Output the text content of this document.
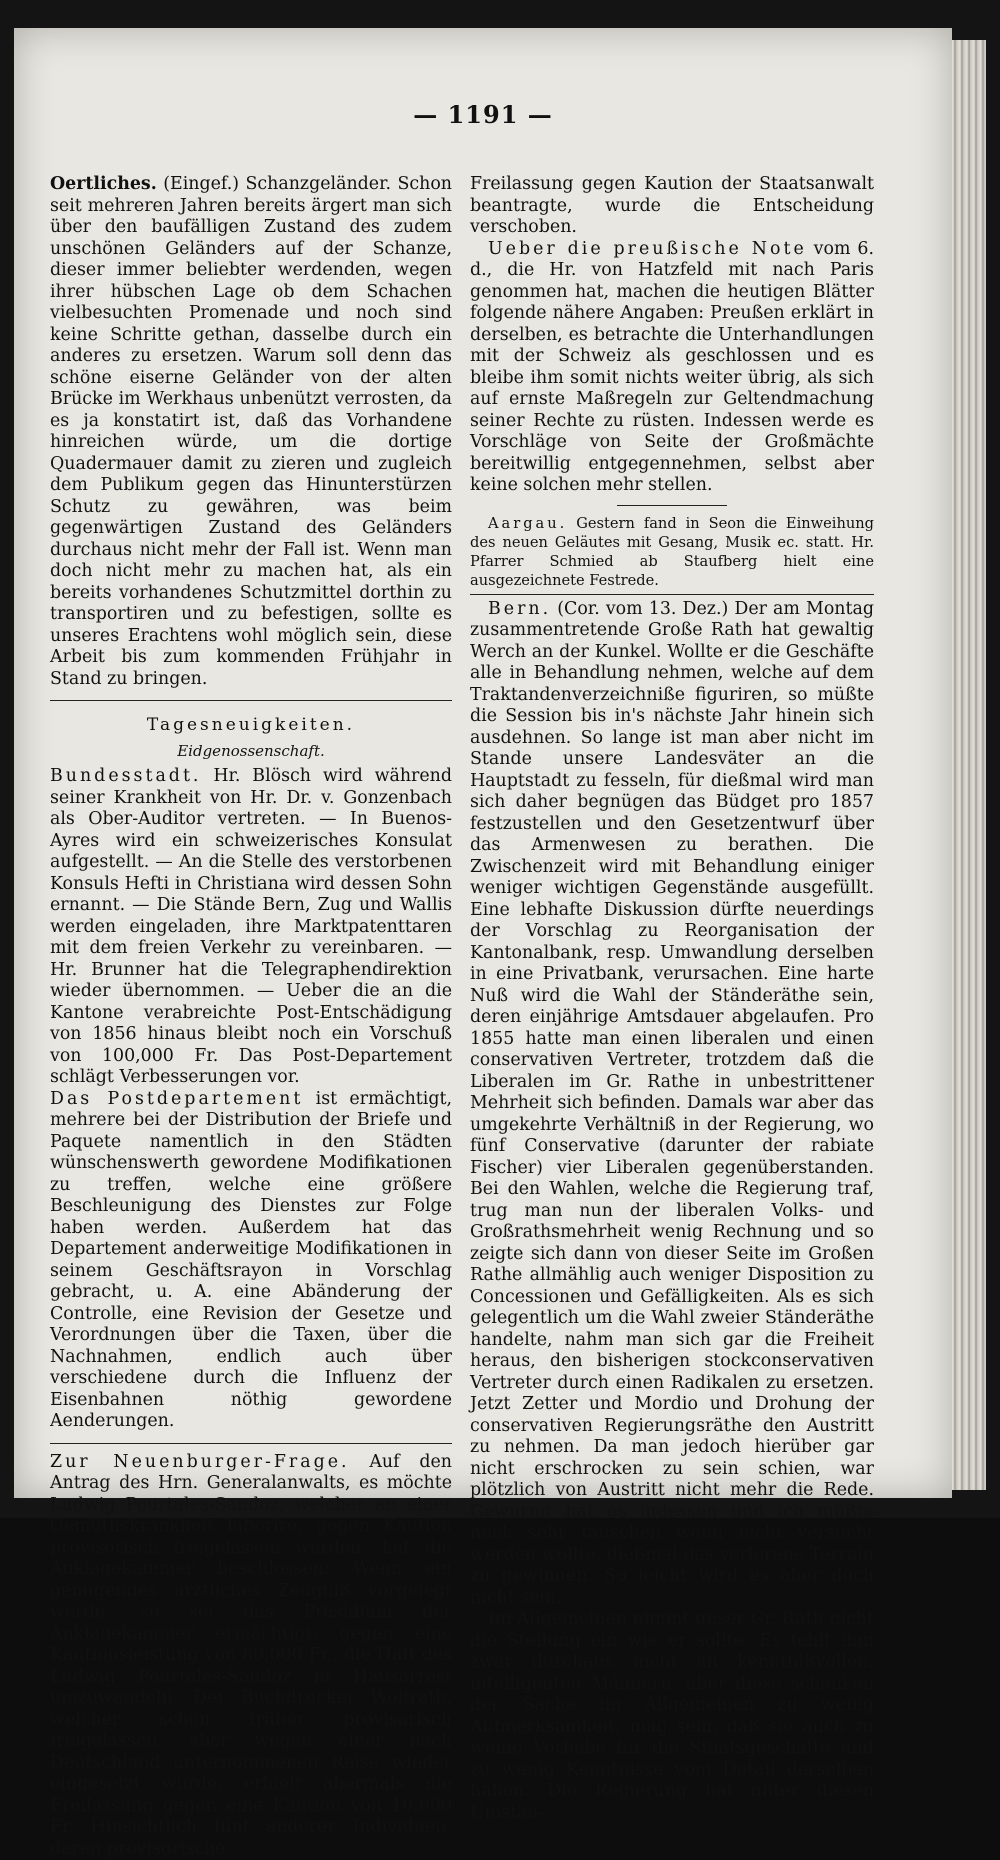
— 1191 —

Oertliches. (Eingef.) Schanzgeländer. Schon seit mehreren Jahren bereits ärgert man sich über den baufälligen Zustand des zudem unschönen Geländers auf der Schanze, dieser immer beliebter werdenden, wegen ihrer hübschen Lage ob dem Schachen vielbesuchten Promenade und noch sind keine Schritte gethan, dasselbe durch ein anderes zu ersetzen. Warum soll denn das schöne eiserne Geländer von der alten Brücke im Werkhaus unbenützt verrosten, da es ja konstatirt ist, daß das Vorhandene hinreichen würde, um die dortige Quadermauer damit zu zieren und zugleich dem Publikum gegen das Hinunterstürzen Schutz zu gewähren, was beim gegenwärtigen Zustand des Geländers durchaus nicht mehr der Fall ist. Wenn man doch nicht mehr zu machen hat, als ein bereits vorhandenes Schutzmittel dorthin zu transportiren und zu befestigen, sollte es unseres Erachtens wohl möglich sein, diese Arbeit bis zum kommenden Frühjahr in Stand zu bringen.

Tagesneuigkeiten.
Eidgenossenschaft.

Bundesstadt. Hr. Blösch wird während seiner Krankheit von Hr. Dr. v. Gonzenbach als Ober-Auditor vertreten. — In Buenos-Ayres wird ein schweizerisches Konsulat aufgestellt. — An die Stelle des verstorbenen Konsuls Hefti in Christiana wird dessen Sohn ernannt. — Die Stände Bern, Zug und Wallis werden eingeladen, ihre Marktpatenttaren mit dem freien Verkehr zu vereinbaren. — Hr. Brunner hat die Telegraphendirektion wieder übernommen. — Ueber die an die Kantone verabreichte Post-Entschädigung von 1856 hinaus bleibt noch ein Vorschuß von 100,000 Fr. Das Post-Departement schlägt Verbesserungen vor.

Das Postdepartement ist ermächtigt, mehrere bei der Distribution der Briefe und Paquete namentlich in den Städten wünschenswerth gewordene Modifikationen zu treffen, welche eine größere Beschleunigung des Dienstes zur Folge haben werden. Außerdem hat das Departement anderweitige Modifikationen in seinem Geschäftsrayon in Vorschlag gebracht, u. A. eine Abänderung der Controlle, eine Revision der Gesetze und Verordnungen über die Taxen, über die Nachnahmen, endlich auch über verschiedene durch die Influenz der Eisenbahnen nöthig gewordene Aenderungen.

Zur Neuenburger-Frage. Auf den Antrag des Hrn. Generalanwalts, es möchte Ludwig Pourtales-Sandoz, welcher an einer Gemüthskrankheit laborire, gegen Kaution provisorisch freigelassen werden, hat die Anklagekammer beschlossen: Wenn ein genügendes ärztliches Zeugniß vorgelegt werde, so sei das Präsidium der Anklagekammer ermächtigt, gegen eine Kautionsleistung von 80,000 Fr., die Haft des Ludwig Pourtales-Sandoz in Hausarrest umzuwandeln. Der Buchdrucker Wolfrath, welcher schon früher provisorisch freigelassen, aber wegen einer nach Deutschland unternommenen Reise wieder eingesetzt wurde, erhielt abermals die Freilassung gegen eine Kaution von 10,000 Fr. Hinsichtlich fünf anderer Individuen, deren provisorische

Freilassung gegen Kaution der Staatsanwalt beantragte, wurde die Entscheidung verschoben.

Ueber die preußische Note vom 6. d., die Hr. von Hatzfeld mit nach Paris genommen hat, machen die heutigen Blätter folgende nähere Angaben: Preußen erklärt in derselben, es betrachte die Unterhandlungen mit der Schweiz als geschlossen und es bleibe ihm somit nichts weiter übrig, als sich auf ernste Maßregeln zur Geltendmachung seiner Rechte zu rüsten. Indessen werde es Vorschläge von Seite der Großmächte bereitwillig entgegennehmen, selbst aber keine solchen mehr stellen.

Aargau. Gestern fand in Seon die Einweihung des neuen Geläutes mit Gesang, Musik ec. statt. Hr. Pfarrer Schmied ab Staufberg hielt eine ausgezeichnete Festrede.

Bern. (Cor. vom 13. Dez.) Der am Montag zusammentretende Große Rath hat gewaltig Werch an der Kunkel. Wollte er die Geschäfte alle in Behandlung nehmen, welche auf dem Traktandenverzeichniße figuriren, so müßte die Session bis in's nächste Jahr hinein sich ausdehnen. So lange ist man aber nicht im Stande unsere Landesväter an die Hauptstadt zu fesseln, für dießmal wird man sich daher begnügen das Büdget pro 1857 festzustellen und den Gesetzentwurf über das Armenwesen zu berathen. Die Zwischenzeit wird mit Behandlung einiger weniger wichtigen Gegenstände ausgefüllt. Eine lebhafte Diskussion dürfte neuerdings der Vorschlag zu Reorganisation der Kantonalbank, resp. Umwandlung derselben in eine Privatbank, verursachen. Eine harte Nuß wird die Wahl der Ständeräthe sein, deren einjährige Amtsdauer abgelaufen. Pro 1855 hatte man einen liberalen und einen conservativen Vertreter, trotzdem daß die Liberalen im Gr. Rathe in unbestrittener Mehrheit sich befinden. Damals war aber das umgekehrte Verhältniß in der Regierung, wo fünf Conservative (darunter der rabiate Fischer) vier Liberalen gegenüberstanden. Bei den Wahlen, welche die Regierung traf, trug man nun der liberalen Volks- und Großrathsmehrheit wenig Rechnung und so zeigte sich dann von dieser Seite im Großen Rathe allmählig auch weniger Disposition zu Concessionen und Gefälligkeiten. Als es sich gelegentlich um die Wahl zweier Ständeräthe handelte, nahm man sich gar die Freiheit heraus, den bisherigen stockconservativen Vertreter durch einen Radikalen zu ersetzen. Jetzt Zetter und Mordio und Drohung der conservativen Regierungsräthe den Austritt zu nehmen. Da man jedoch hierüber gar nicht erschrocken zu sein schien, war plötzlich von Austritt nicht mehr die Rede. Gewurmt hat es indessen und ich müßte mich sehr täuschen wenn nicht versucht werden wollte, dießmal das verlorene Terrain zu gewinnen. So leicht wird es aber doch nicht sein.

Im Allgemeinen nimmt unser Gr. Rath nicht die Stellung ein wie er sollte. Es fehlt ihm zwar durchaus nicht an kenntnißvollen, intelligenten Männern, aber diese schenken der Sache im Allgemeinen zu wenig Aufmerksamkeit; mag sein, daß sie auch zu wenig Vorliebe für die Staatsgeschäfte und zu wenig Kenntnisse vom Detail derselben haben. Die Regierung hat unter diesen Umstän-
